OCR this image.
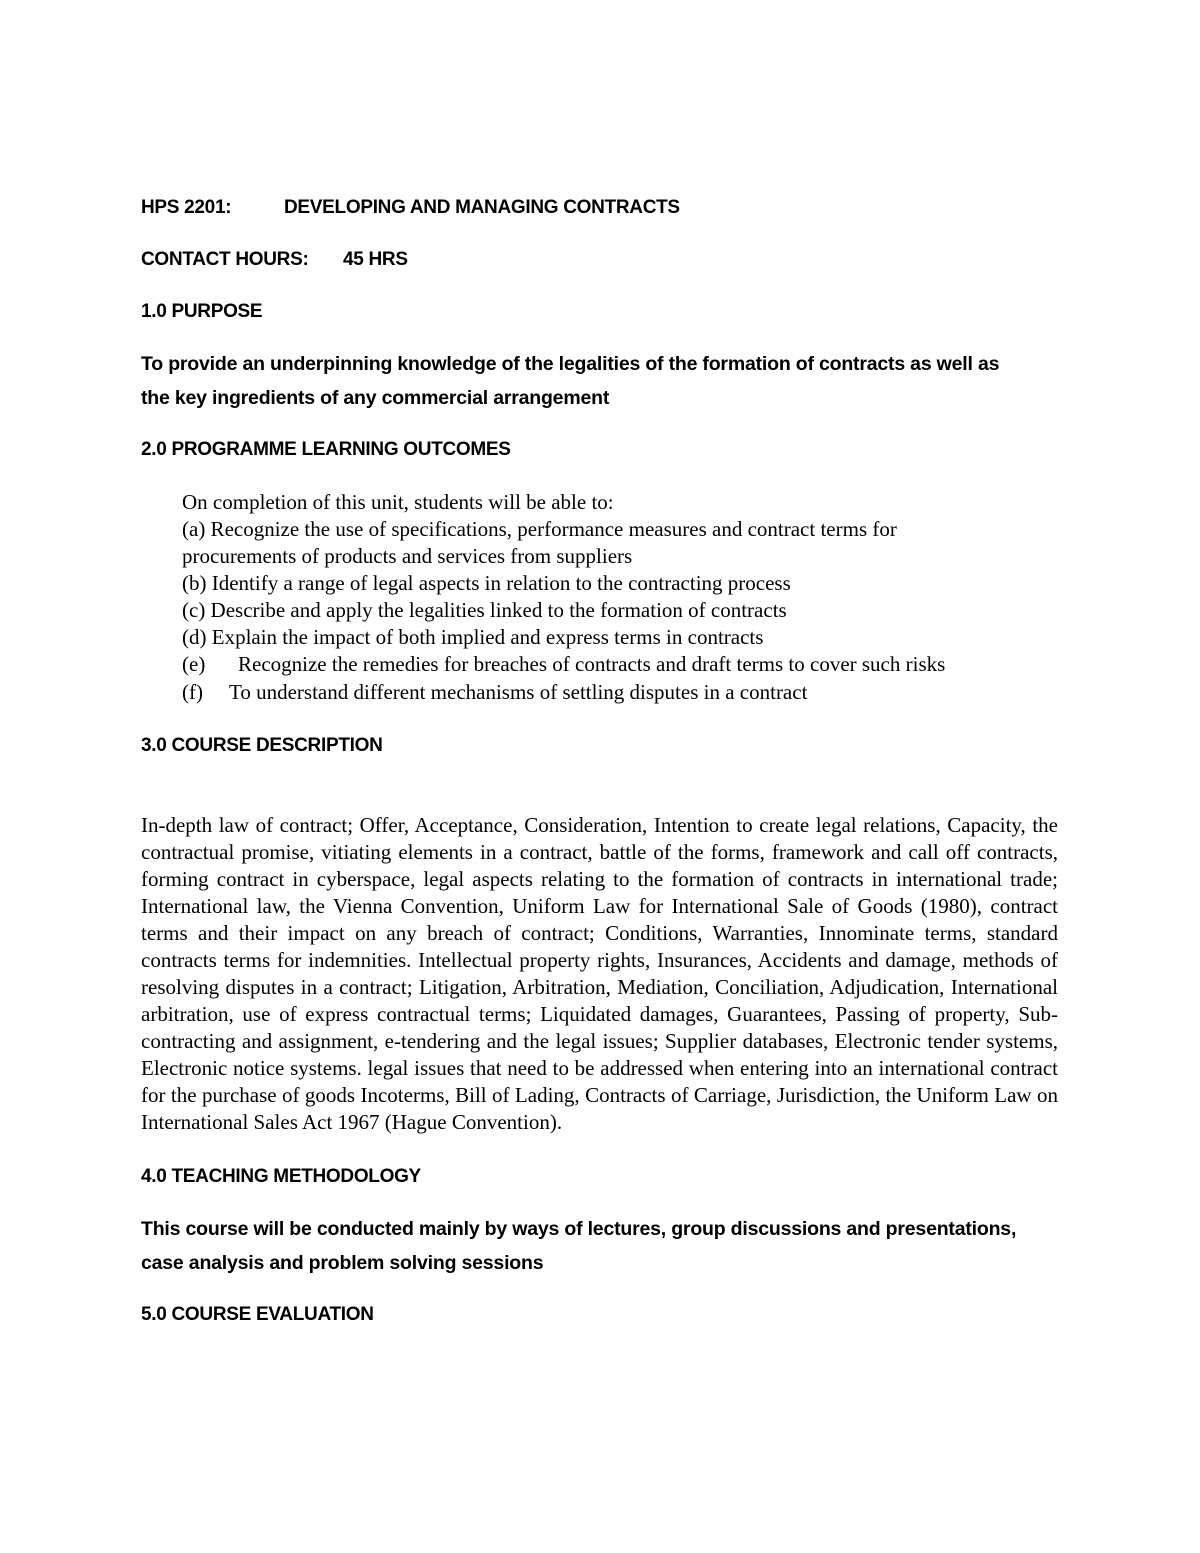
HPS 2201:	DEVELOPING AND MANAGING CONTRACTS
CONTACT HOURS: 45 HRS
1.0 PURPOSE
To provide an underpinning knowledge of the legalities of the formation of contracts as well as
the key ingredients of any commercial arrangement
2.0 PROGRAMME LEARNING OUTCOMES
On completion of this unit, students will be able to:
(a) Recognize the use of specifications, performance measures and contract terms for
procurements of products and services from suppliers
(b) Identify a range of legal aspects in relation to the contracting process
(c) Describe and apply the legalities linked to the formation of contracts
(d) Explain the impact of both implied and express terms in contracts
(e) Recognize the remedies for breaches of contracts and draft terms to cover such risks
(f) To understand different mechanisms of settling disputes in a contract
3.0 COURSE DESCRIPTION
In-depth law of contract; Offer, Acceptance, Consideration, Intention to create legal relations, Capacity, the contractual promise, vitiating elements in a contract, battle of the forms, framework and call off contracts, forming contract in cyberspace, legal aspects relating to the formation of contracts in international trade; International law, the Vienna Convention, Uniform Law for International Sale of Goods (1980), contract terms and their impact on any breach of contract; Conditions, Warranties, Innominate terms, standard contracts terms for indemnities. Intellectual property rights, Insurances, Accidents and damage, methods of resolving disputes in a contract; Litigation, Arbitration, Mediation, Conciliation, Adjudication, International arbitration, use of express contractual terms; Liquidated damages, Guarantees, Passing of property, Sub-contracting and assignment, e-tendering and the legal issues; Supplier databases, Electronic tender systems, Electronic notice systems. legal issues that need to be addressed when entering into an international contract for the purchase of goods Incoterms, Bill of Lading, Contracts of Carriage, Jurisdiction, the Uniform Law on International Sales Act 1967 (Hague Convention).
4.0 TEACHING METHODOLOGY
This course will be conducted mainly by ways of lectures, group discussions and presentations,
case analysis and problem solving sessions
5.0 COURSE EVALUATION
